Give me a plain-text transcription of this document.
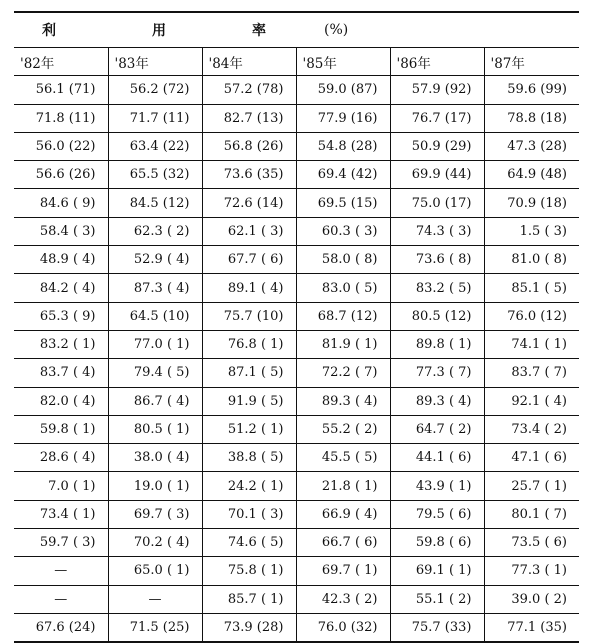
利	用	率	(%)
'82年	'83年	'84年	'85年	'86年	'87年
56.1 (71)	56.2 (72)	57.2 (78)	59.0 (87)	57.9 (92)	59.6 (99)
71.8 (11)	71.7 (11)	82.7 (13)	77.9 (16)	76.7 (17)	78.8 (18)
56.0 (22)	63.4 (22)	56.8 (26)	54.8 (28)	50.9 (29)	47.3 (28)
56.6 (26)	65.5 (32)	73.6 (35)	69.4 (42)	69.9 (44)	64.9 (48)
84.6 ( 9)	84.5 (12)	72.6 (14)	69.5 (15)	75.0 (17)	70.9 (18)
58.4 ( 3)	62.3 ( 2)	62.1 ( 3)	60.3 ( 3)	74.3 ( 3)	1.5 ( 3)
48.9 ( 4)	52.9 ( 4)	67.7 ( 6)	58.0 ( 8)	73.6 ( 8)	81.0 ( 8)
84.2 ( 4)	87.3 ( 4)	89.1 ( 4)	83.0 ( 5)	83.2 ( 5)	85.1 ( 5)
65.3 ( 9)	64.5 (10)	75.7 (10)	68.7 (12)	80.5 (12)	76.0 (12)
83.2 ( 1)	77.0 ( 1)	76.8 ( 1)	81.9 ( 1)	89.8 ( 1)	74.1 ( 1)
83.7 ( 4)	79.4 ( 5)	87.1 ( 5)	72.2 ( 7)	77.3 ( 7)	83.7 ( 7)
82.0 ( 4)	86.7 ( 4)	91.9 ( 5)	89.3 ( 4)	89.3 ( 4)	92.1 ( 4)
59.8 ( 1)	80.5 ( 1)	51.2 ( 1)	55.2 ( 2)	64.7 ( 2)	73.4 ( 2)
28.6 ( 4)	38.0 ( 4)	38.8 ( 5)	45.5 ( 5)	44.1 ( 6)	47.1 ( 6)
7.0 ( 1)	19.0 ( 1)	24.2 ( 1)	21.8 ( 1)	43.9 ( 1)	25.7 ( 1)
73.4 ( 1)	69.7 ( 3)	70.1 ( 3)	66.9 ( 4)	79.5 ( 6)	80.1 ( 7)
59.7 ( 3)	70.2 ( 4)	74.6 ( 5)	66.7 ( 6)	59.8 ( 6)	73.5 ( 6)
—	65.0 ( 1)	75.8 ( 1)	69.7 ( 1)	69.1 ( 1)	77.3 ( 1)
—	—	85.7 ( 1)	42.3 ( 2)	55.1 ( 2)	39.0 ( 2)
67.6 (24)	71.5 (25)	73.9 (28)	76.0 (32)	75.7 (33)	77.1 (35)
